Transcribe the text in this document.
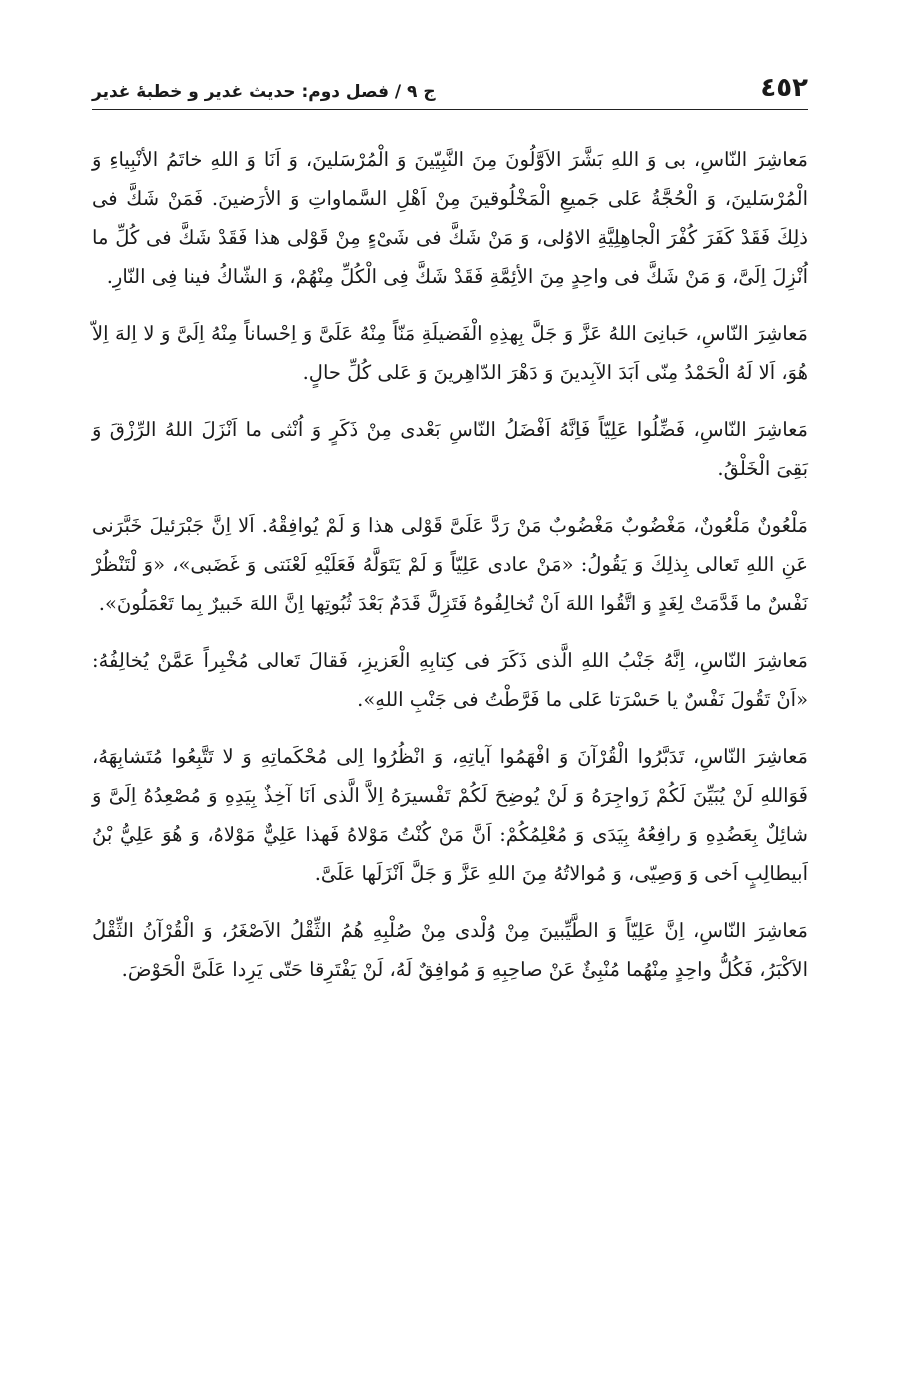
٤٥٢
ج ٩ / فصل دوم: حديث غدير و خطبهٔ غدير

مَعاشِرَ النّاسِ، بى وَ اللهِ بَشَّرَ الاَوَّلُونَ مِنَ النَّبِيّينَ وَ الْمُرْسَلينَ، وَ اَنَا وَ اللهِ خاتَمُ الأنْبِياءِ وَ الْمُرْسَلينَ، وَ الْحُجَّةُ عَلى جَميعِ الْمَخْلُوقينَ مِنْ اَهْلِ السَّماواتِ وَ الأرَضينَ. فَمَنْ شَكَّ فى ذلِكَ فَقَدْ كَفَرَ كُفْرَ الْجاهِلِيَّةِ الاوُلى، وَ مَنْ شَكَّ فى شَىْءٍ مِنْ قَوْلى هذا فَقَدْ شَكَّ فى كُلِّ ما اُنْزِلَ اِلَىَّ، وَ مَنْ شَكَّ فى واحِدٍ مِنَ الأئِمَّةِ فَقَدْ شَكَّ فِى الْكُلِّ مِنْهُمْ، وَ الشّاكُ فينا فِى النّارِ.

مَعاشِرَ النّاسِ، حَبانِىَ اللهُ عَزَّ وَ جَلَّ بِهذِهِ الْفَضيلَةِ مَنّاً مِنْهُ عَلَىَّ وَ اِحْساناً مِنْهُ اِلَىَّ وَ لا اِلهَ اِلاّ هُوَ، اَلا لَهُ الْحَمْدُ مِنّى اَبَدَ الآبِدينَ وَ دَهْرَ الدّاهِرينَ وَ عَلى كُلِّ حالٍ.

مَعاشِرَ النّاسِ، فَضِّلُوا عَلِيّاً فَاِنَّهُ اَفْضَلُ النّاسِ بَعْدى مِنْ ذَكَرٍ وَ اُنْثى ما اَنْزَلَ اللهُ الرِّزْقَ وَ بَقِىَ الْخَلْقُ.

مَلْعُونٌ مَلْعُونٌ، مَغْضُوبٌ مَغْضُوبٌ مَنْ رَدَّ عَلَىَّ قَوْلى هذا وَ لَمْ يُوافِقْهُ. اَلا اِنَّ جَبْرَئيلَ خَبَّرَنى عَنِ اللهِ تَعالى بِذلِكَ وَ يَقُولُ: «مَنْ عادى عَلِيّاً وَ لَمْ يَتَوَلَّهُ فَعَلَيْهِ لَعْنَتى وَ غَضَبى»، «وَ لْتَنْظُرْ نَفْسٌ ما قَدَّمَتْ لِغَدٍ وَ اتَّقُوا اللهَ اَنْ تُخالِفُوهُ فَتَزِلَّ قَدَمٌ بَعْدَ ثُبُوتِها اِنَّ اللهَ خَبيرٌ بِما تَعْمَلُونَ».

مَعاشِرَ النّاسِ، اِنَّهُ جَنْبُ اللهِ الَّذى ذَكَرَ فى كِتابِهِ الْعَزيزِ، فَقالَ تَعالى مُخْبِراً عَمَّنْ يُخالِفُهُ: «اَنْ تَقُولَ نَفْسٌ يا حَسْرَتا عَلى ما فَرَّطْتُ فى جَنْبِ اللهِ».

مَعاشِرَ النّاسِ، تَدَبَّرُوا الْقُرْآنَ وَ افْهَمُوا آياتِهِ، وَ انْظُرُوا اِلى مُحْكَماتِهِ وَ لا تَتَّبِعُوا مُتَشابِهَهُ، فَوَاللهِ لَنْ يُبَيِّنَ لَكُمْ زَواجِرَهُ وَ لَنْ يُوضِحَ لَكُمْ تَفْسيرَهُ اِلاَّ الَّذى اَنَا آخِذٌ بِيَدِهِ وَ مُصْعِدُهُ اِلَىَّ وَ شائِلٌ بِعَضُدِهِ وَ رافِعُهُ بِيَدَى وَ مُعْلِمُكُمْ: اَنَّ مَنْ كُنْتُ مَوْلاهُ فَهذا عَلِيٌّ مَوْلاهُ، وَ هُوَ عَلِيُّ بْنُ اَبيطالِبٍ اَخى وَ وَصِيّى، وَ مُوالاتُهُ مِنَ اللهِ عَزَّ وَ جَلَّ اَنْزَلَها عَلَىَّ.

مَعاشِرَ النّاسِ، اِنَّ عَلِيّاً وَ الطَّيِّبينَ مِنْ وُلْدى مِنْ صُلْبِهِ هُمُ الثِّقْلُ الاَصْغَرُ، وَ الْقُرْآنُ الثِّقْلُ الاَكْبَرُ، فَكُلُّ واحِدٍ مِنْهُما مُنْبِئٌ عَنْ صاحِبِهِ وَ مُوافِقٌ لَهُ، لَنْ يَفْتَرِقا حَتّى يَرِدا عَلَىَّ الْحَوْضَ.
